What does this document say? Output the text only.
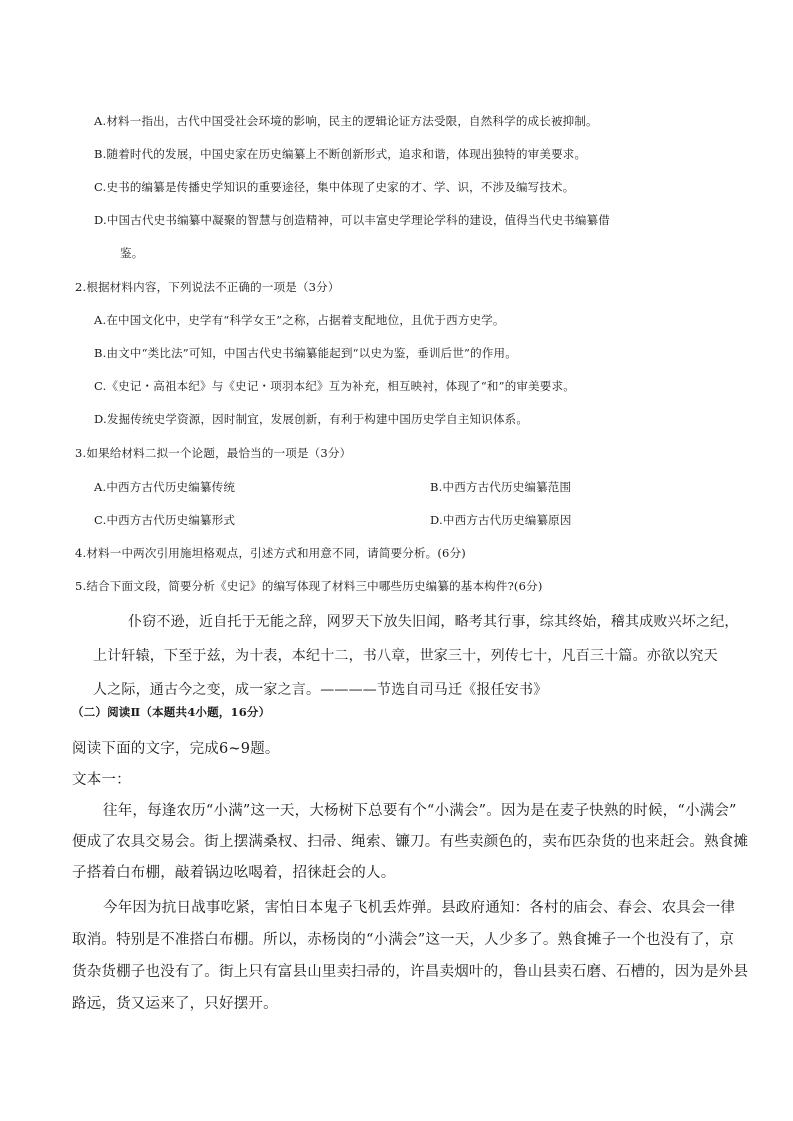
A.材料一指出，古代中国受社会环境的影响，民主的逻辑论证方法受限，自然科学的成长被抑制。
B.随着时代的发展，中国史家在历史编纂上不断创新形式，追求和谐，体现出独特的审美要求。
C.史书的编纂是传播史学知识的重要途径，集中体现了史家的才、学、识，不涉及编写技术。
D.中国古代史书编纂中凝聚的智慧与创造精神，可以丰富史学理论学科的建设，值得当代史书编纂借
鉴。
2.根据材料内容，下列说法不正确的一项是（3分）
A.在中国文化中，史学有“科学女王”之称，占据着支配地位，且优于西方史学。
B.由文中“类比法”可知，中国古代史书编纂能起到“以史为鉴，垂训后世”的作用。
C.《史记・高祖本纪》与《史记・项羽本纪》互为补充，相互映衬，体现了“和”的审美要求。
D.发掘传统史学资源，因时制宜，发展创新，有利于构建中国历史学自主知识体系。
3.如果给材料二拟一个论题，最恰当的一项是（3分）
A.中西方古代历史编纂传统	B.中西方古代历史编纂范围
C.中西方古代历史编纂形式	D.中西方古代历史编纂原因
4.材料一中两次引用施坦格观点，引述方式和用意不同，请简要分析。(6分)
5.结合下面文段，简要分析《史记》的编写体现了材料三中哪些历史编纂的基本构件?(6分)
仆窃不逊，近自托于无能之辞，网罗天下放失旧闻，略考其行事，综其终始，稽其成败兴坏之纪，
上计轩辕，下至于兹，为十表，本纪十二，书八章，世家三十，列传七十，凡百三十篇。亦欲以究天
人之际，通古今之变，成一家之言。————节选自司马迁《报任安书》
（二）阅读Ⅱ（本题共4小题，16分）
阅读下面的文字，完成6~9题。
文本一：
往年，每逢农历“小满”这一天，大杨树下总要有个“小满会”。因为是在麦子快熟的时候，“小满会”
便成了农具交易会。街上摆满桑杈、扫帚、绳索、镰刀。有些卖颜色的，卖布匹杂货的也来赶会。熟食摊
子搭着白布棚，敲着锅边吆喝着，招徕赶会的人。
今年因为抗日战事吃紧，害怕日本鬼子飞机丢炸弹。县政府通知：各村的庙会、春会、农具会一律
取消。特别是不准搭白布棚。所以，赤杨岗的“小满会”这一天，人少多了。熟食摊子一个也没有了，京
货杂货棚子也没有了。街上只有富县山里卖扫帚的，许昌卖烟叶的，鲁山县卖石磨、石槽的，因为是外县
路远，货又运来了，只好摆开。
